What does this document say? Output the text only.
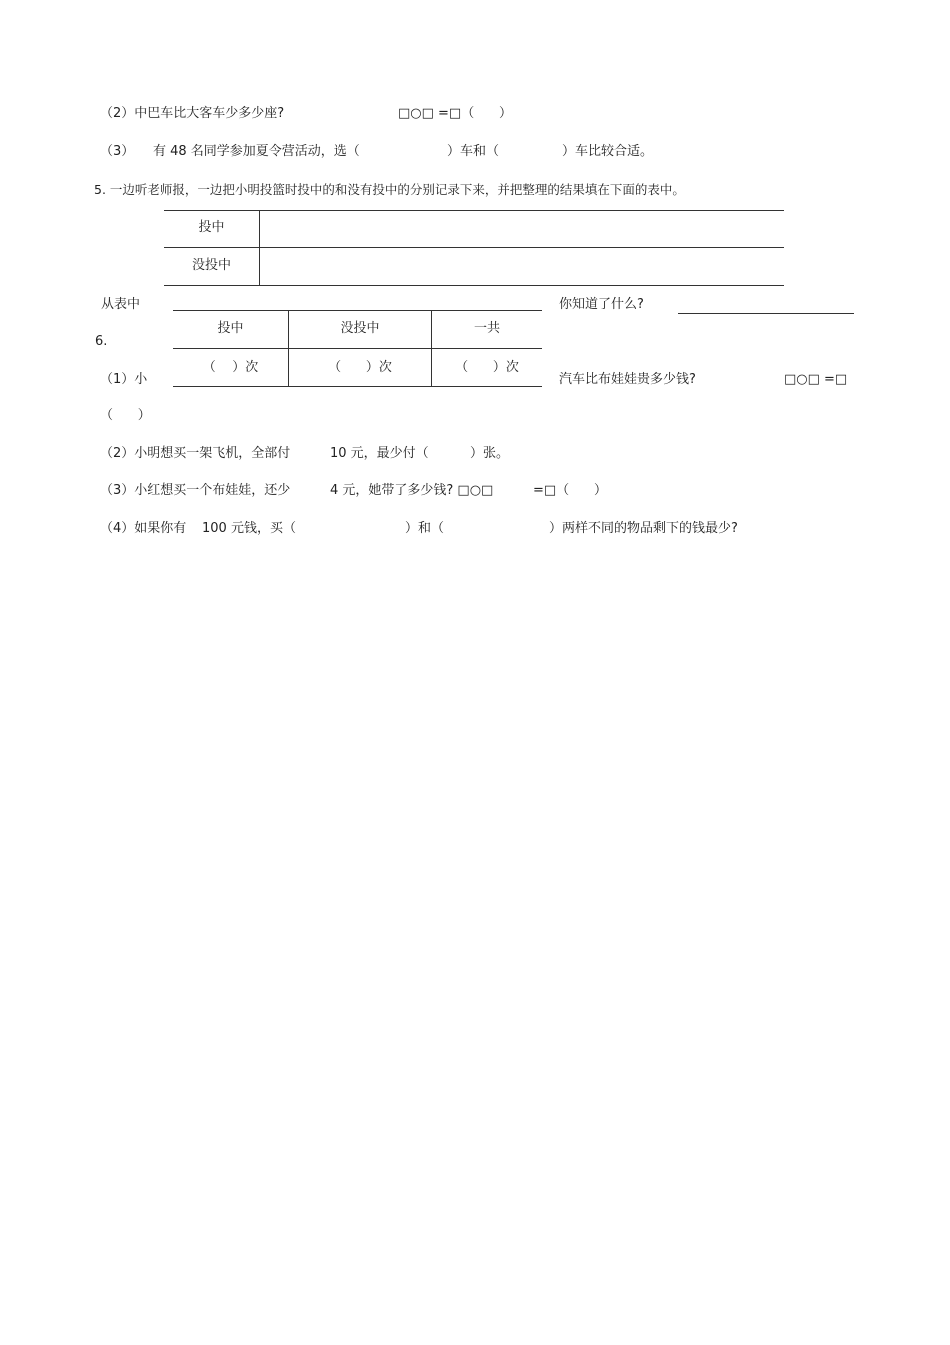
（2）中巴车比大客车少多少座?	□○□ =□（      ）
（3） 有 48 名同学参加夏令营活动，选（	）车和（	）车比较合适。
5. 一边听老师报，一边把小明投篮时投中的和没有投中的分别记录下来，并把整理的结果填在下面的表中。
投中
没投中
从表中	你知道了什么?
投中	没投中	一共
（    ）次	（      ）次	（      ）次
6.
（1）小	汽车比布娃娃贵多少钱?	□○□ =□
（      ）
（2）小明想买一架飞机，全部付	10 元，最少付（	）张。
（3）小红想买一个布娃娃，还少	4 元，她带了多少钱? □○□	=□（      ）
（4）如果你有 100 元钱，买（	）和（	）两样不同的物品剩下的钱最少?
